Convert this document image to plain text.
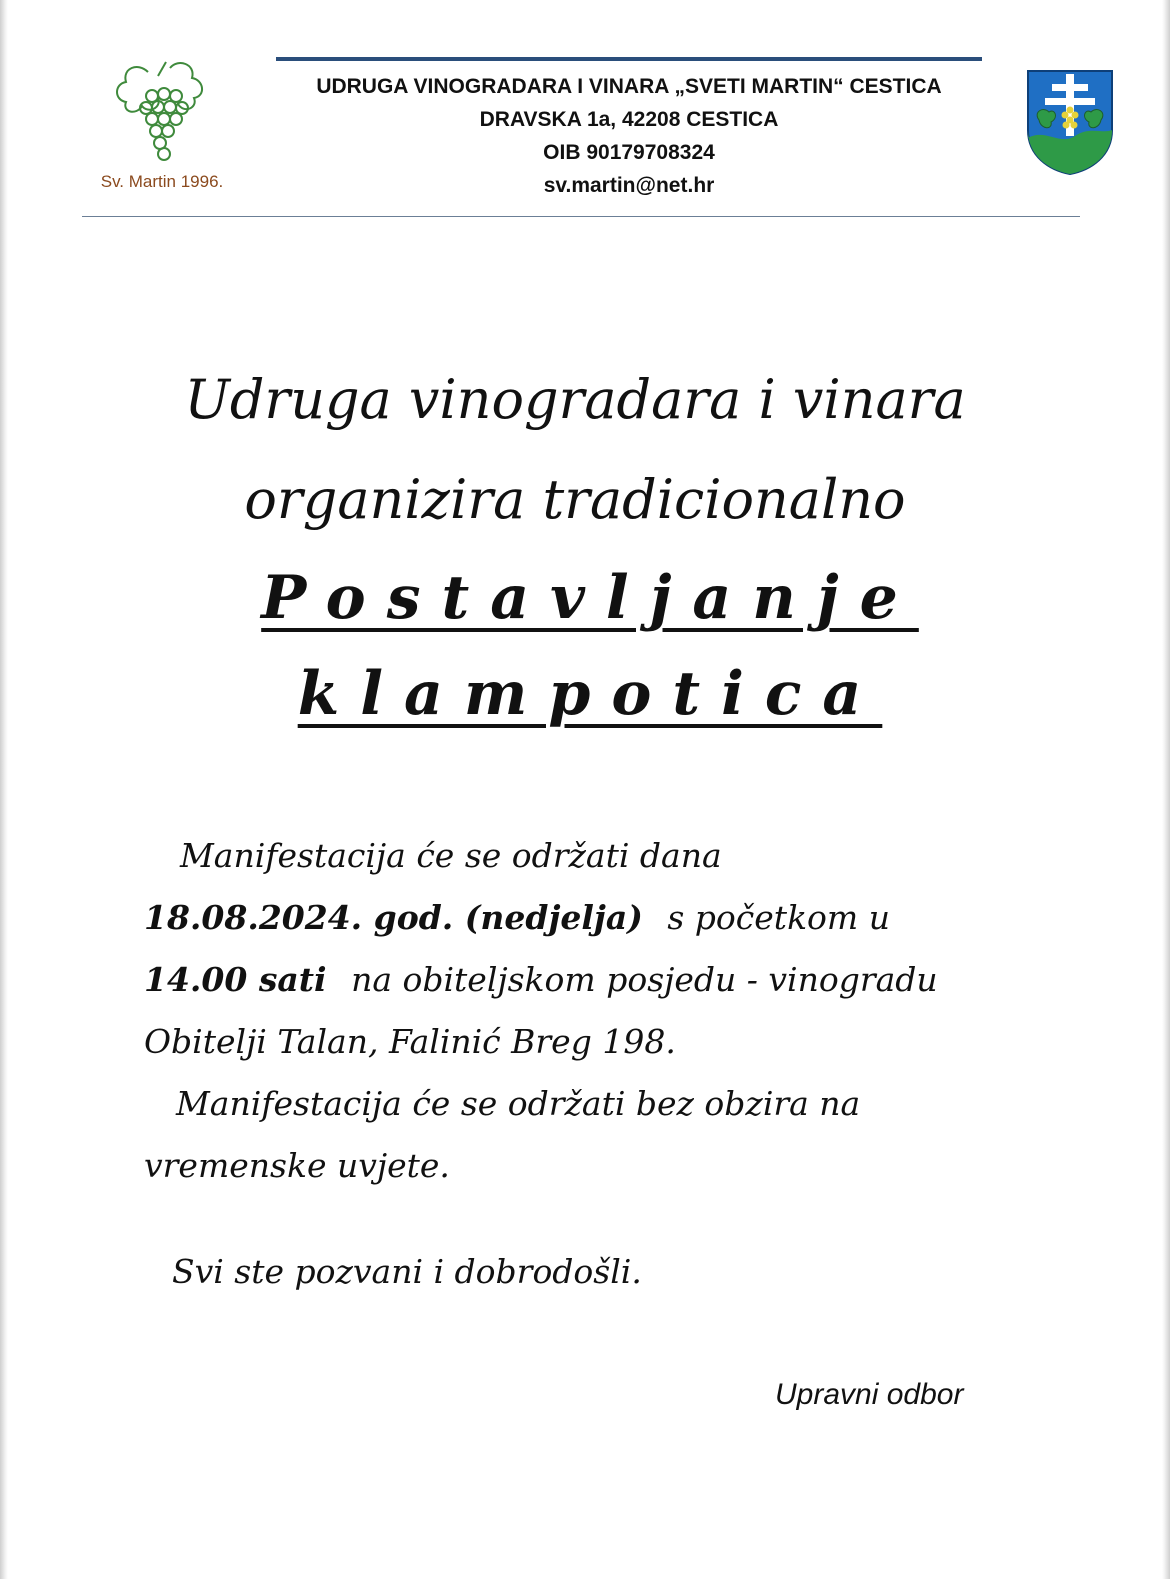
Sv. Martin 1996.
UDRUGA VINOGRADARA I VINARA „SVETI MARTIN“ CESTICA
DRAVSKA 1a, 42208 CESTICA
OIB 90179708324
sv.martin@net.hr
Udruga vinogradara i vinara
organizira tradicionalno
Postavljanje
klampotica
Manifestacija će se održati dana
18.08.2024. god. (nedjelja) s početkom u
14.00 sati na obiteljskom posjedu - vinogradu
Obitelji Talan, Falinić Breg 198.
Manifestacija će se održati bez obzira na
vremenske uvjete.
Svi ste pozvani i dobrodošli.
Upravni odbor
